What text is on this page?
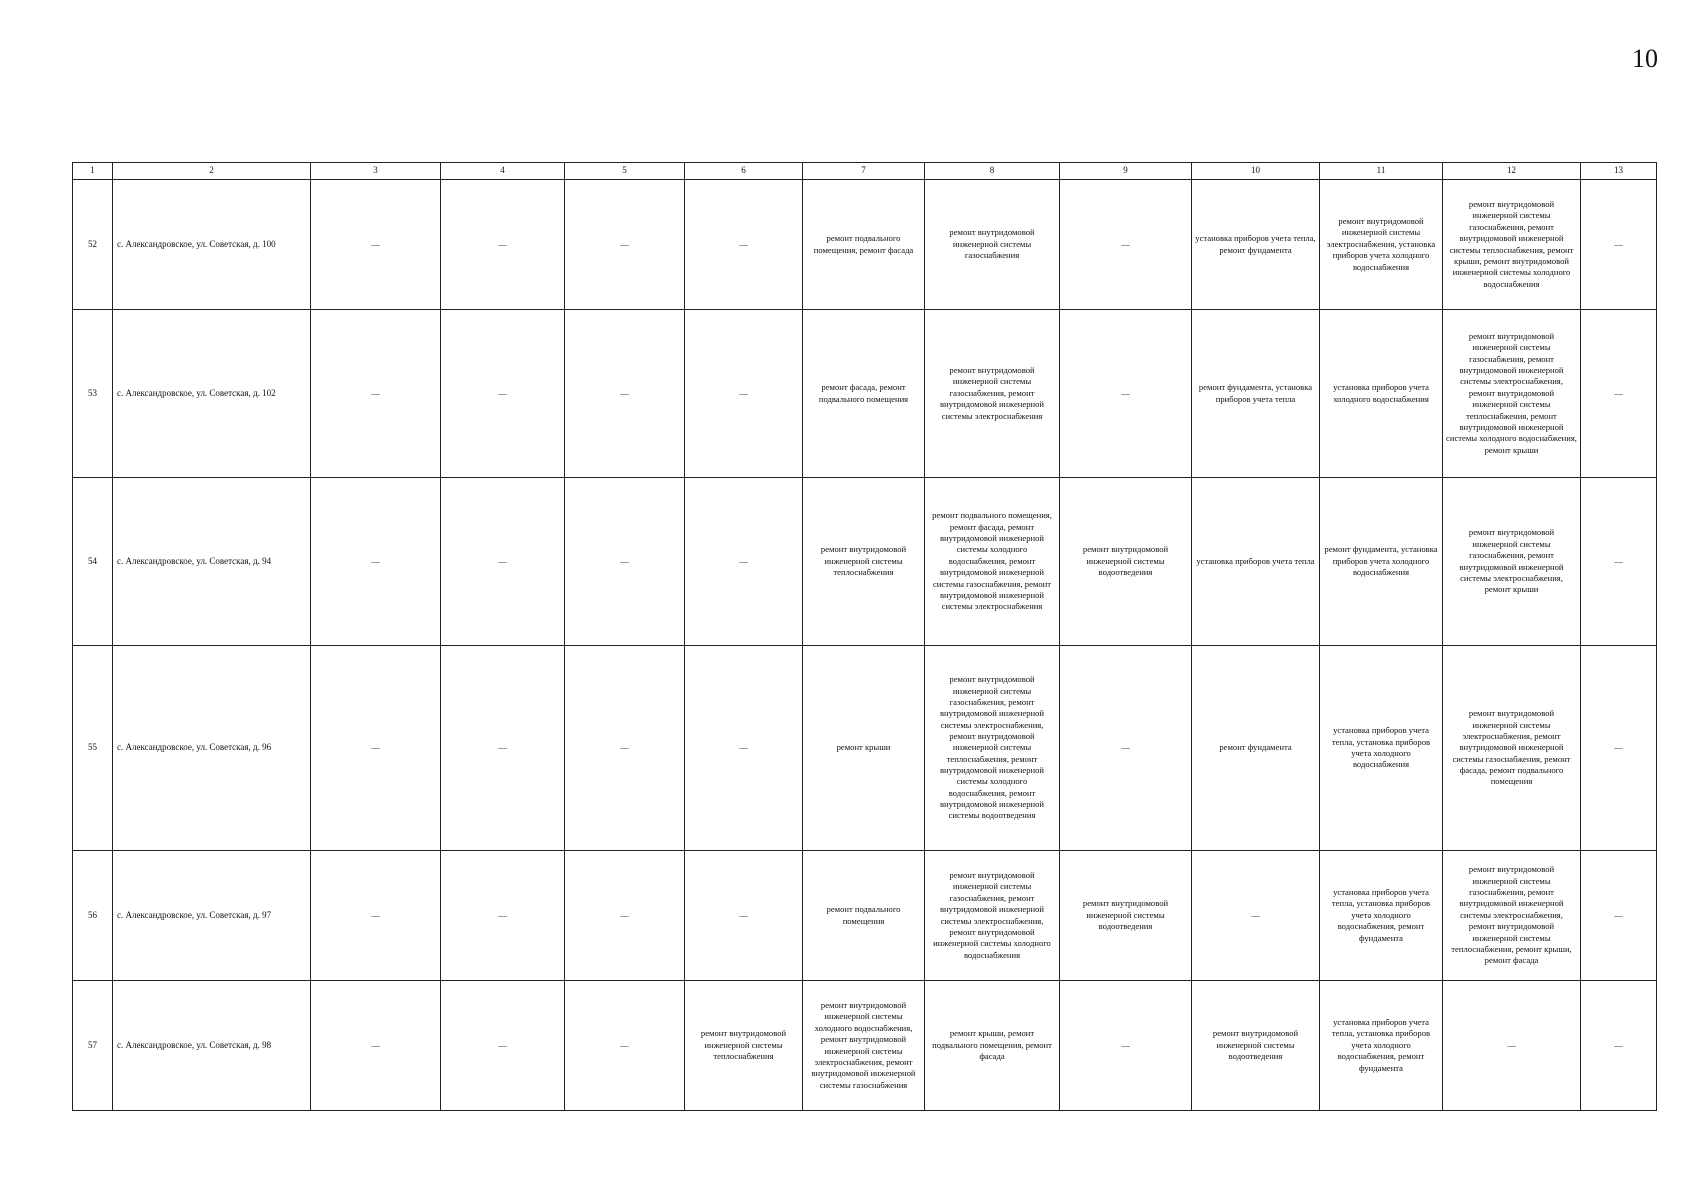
10
1	2	3	4	5	6	7	8	9	10	11	12	13
52	с. Александровское, ул. Советская, д. 100	—	—	—	—	ремонт подвального помещения, ремонт фасада	ремонт внутридомовой инженерной системы газоснабжения	—	установка приборов учета тепла, ремонт фундамента	ремонт внутридомовой инженерной системы электроснабжения, установка приборов учета холодного водоснабжения	ремонт внутридомовой инженерной системы газоснабжения, ремонт внутридомовой инженерной системы теплоснабжения, ремонт крыши, ремонт внутридомовой инженерной системы холодного водоснабжения	—
53	с. Александровское, ул. Советская, д. 102	—	—	—	—	ремонт фасада, ремонт подвального помещения	ремонт внутридомовой инженерной системы газоснабжения, ремонт внутридомовой инженерной системы электроснабжения	—	ремонт фундамента, установка приборов учета тепла	установка приборов учета холодного водоснабжения	ремонт внутридомовой инженерной системы газоснабжения, ремонт внутридомовой инженерной системы электроснабжения, ремонт внутридомовой инженерной системы теплоснабжения, ремонт внутридомовой инженерной системы холодного водоснабжения, ремонт крыши	—
54	с. Александровское, ул. Советская, д. 94	—	—	—	—	ремонт внутридомовой инженерной системы теплоснабжения	ремонт подвального помещения, ремонт фасада, ремонт внутридомовой инженерной системы холодного водоснабжения, ремонт внутридомовой инженерной системы газоснабжения, ремонт внутридомовой инженерной системы электроснабжения	ремонт внутридомовой инженерной системы водоотведения	установка приборов учета тепла	ремонт фундамента, установка приборов учета холодного водоснабжения	ремонт внутридомовой инженерной системы газоснабжения, ремонт внутридомовой инженерной системы электроснабжения, ремонт крыши	—
55	с. Александровское, ул. Советская, д. 96	—	—	—	—	ремонт крыши	ремонт внутридомовой инженерной системы газоснабжения, ремонт внутридомовой инженерной системы электроснабжения, ремонт внутридомовой инженерной системы теплоснабжения, ремонт внутридомовой инженерной системы холодного водоснабжения, ремонт внутридомовой инженерной системы водоотведения	—	ремонт фундамента	установка приборов учета тепла, установка приборов учета холодного водоснабжения	ремонт внутридомовой инженерной системы электроснабжения, ремонт внутридомовой инженерной системы газоснабжения, ремонт фасада, ремонт подвального помещения	—
56	с. Александровское, ул. Советская, д. 97	—	—	—	—	ремонт подвального помещения	ремонт внутридомовой инженерной системы газоснабжения, ремонт внутридомовой инженерной системы электроснабжения, ремонт внутридомовой инженерной системы холодного водоснабжения	ремонт внутридомовой инженерной системы водоотведения	—	установка приборов учета тепла, установка приборов учета холодного водоснабжения, ремонт фундамента	ремонт внутридомовой инженерной системы газоснабжения, ремонт внутридомовой инженерной системы электроснабжения, ремонт внутридомовой инженерной системы теплоснабжения, ремонт крыши, ремонт фасада	—
57	с. Александровское, ул. Советская, д. 98	—	—	—	ремонт внутридомовой инженерной системы теплоснабжения	ремонт внутридомовой инженерной системы холодного водоснабжения, ремонт внутридомовой инженерной системы электроснабжения, ремонт внутридомовой инженерной системы газоснабжения	ремонт крыши, ремонт подвального помещения, ремонт фасада	—	ремонт внутридомовой инженерной системы водоотведения	установка приборов учета тепла, установка приборов учета холодного водоснабжения, ремонт фундамента	—	—
